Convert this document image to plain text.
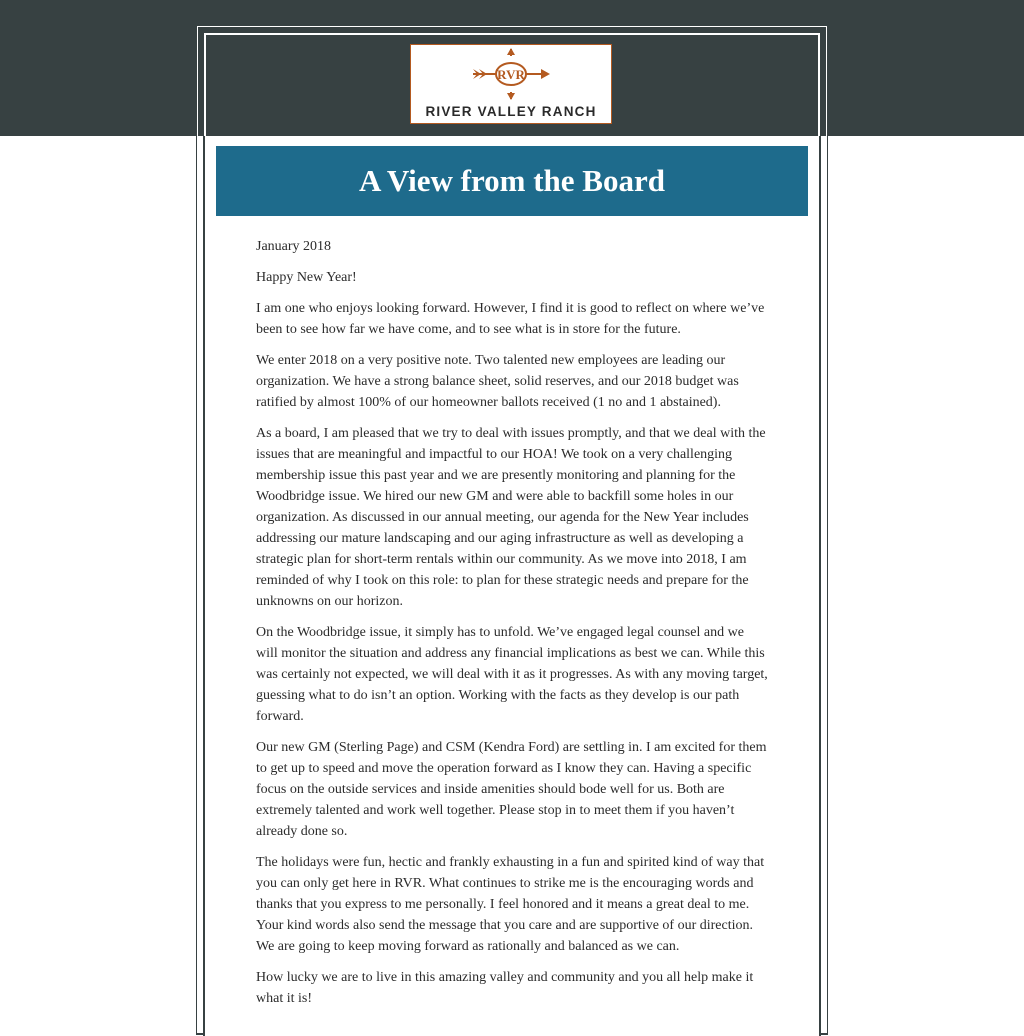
RVR
RIVER VALLEY RANCH
A View from the Board

January 2018

Happy New Year!

I am one who enjoys looking forward. However, I find it is good to reflect on where we’ve been to see how far we have come, and to see what is in store for the future.

We enter 2018 on a very positive note. Two talented new employees are leading our organization. We have a strong balance sheet, solid reserves, and our 2018 budget was ratified by almost 100% of our homeowner ballots received (1 no and 1 abstained).

As a board, I am pleased that we try to deal with issues promptly, and that we deal with the issues that are meaningful and impactful to our HOA! We took on a very challenging membership issue this past year and we are presently monitoring and planning for the Woodbridge issue. We hired our new GM and were able to backfill some holes in our organization. As discussed in our annual meeting, our agenda for the New Year includes addressing our mature landscaping and our aging infrastructure as well as developing a strategic plan for short-term rentals within our community. As we move into 2018, I am reminded of why I took on this role: to plan for these strategic needs and prepare for the unknowns on our horizon.

On the Woodbridge issue, it simply has to unfold. We’ve engaged legal counsel and we will monitor the situation and address any financial implications as best we can. While this was certainly not expected, we will deal with it as it progresses. As with any moving target, guessing what to do isn’t an option. Working with the facts as they develop is our path forward.

Our new GM (Sterling Page) and CSM (Kendra Ford) are settling in. I am excited for them to get up to speed and move the operation forward as I know they can. Having a specific focus on the outside services and inside amenities should bode well for us. Both are extremely talented and work well together. Please stop in to meet them if you haven’t already done so.

The holidays were fun, hectic and frankly exhausting in a fun and spirited kind of way that you can only get here in RVR. What continues to strike me is the encouraging words and thanks that you express to me personally. I feel honored and it means a great deal to me. Your kind words also send the message that you care and are supportive of our direction. We are going to keep moving forward as rationally and balanced as we can.

How lucky we are to live in this amazing valley and community and you all help make it what it is!
